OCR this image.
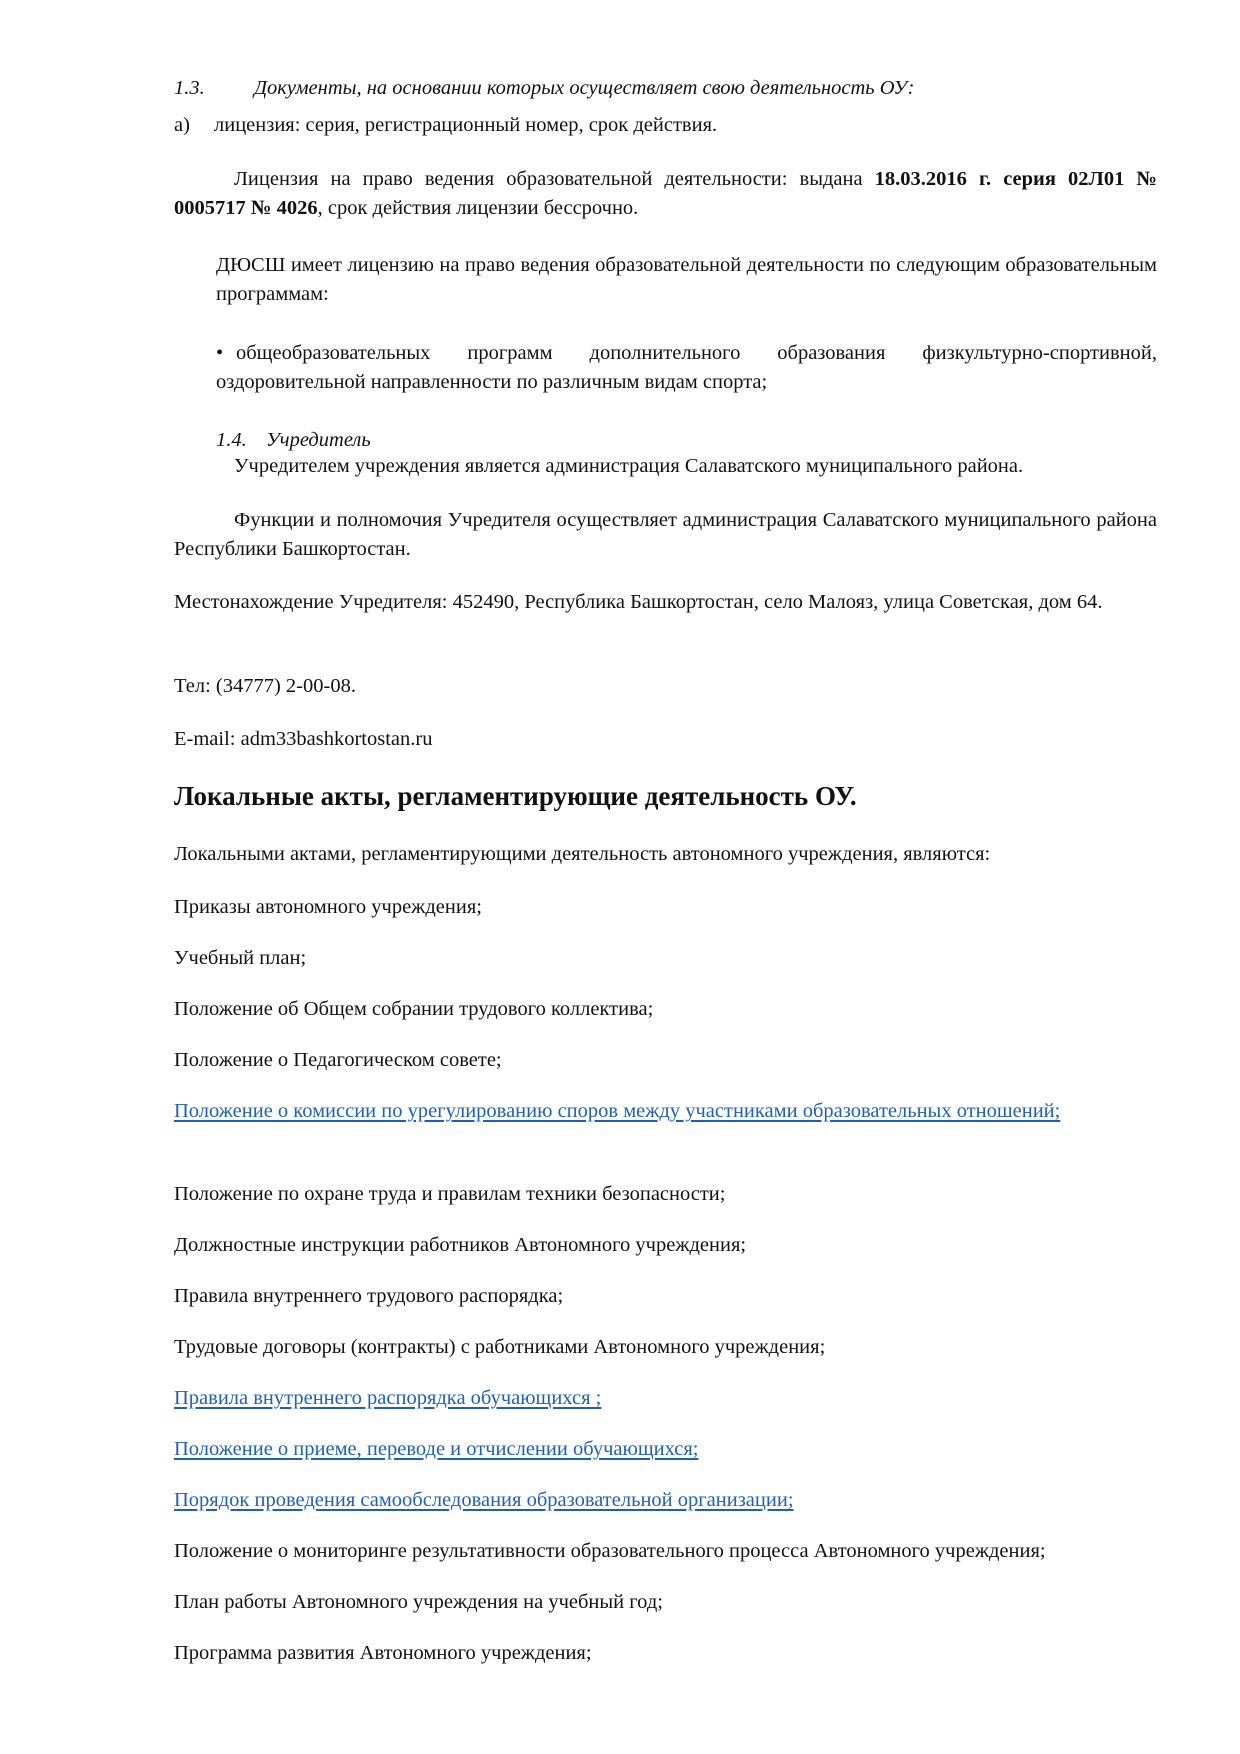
1.3. Документы, на основании которых осуществляет свою деятельность ОУ:

а) лицензия: серия, регистрационный номер, срок действия.

Лицензия на право ведения образовательной деятельности: выдана 18.03.2016 г. серия 02Л01 № 0005717 № 4026, срок действия лицензии бессрочно.

ДЮСШ имеет лицензию на право ведения образовательной деятельности по следующим образовательным программам:

• общеобразовательных программ дополнительного образования физкультурно-спортивной, оздоровительной направленности по различным видам спорта;

1.4. Учредитель

Учредителем учреждения является администрация Салаватского муниципального района.

Функции и полномочия Учредителя осуществляет администрация Салаватского муниципального района Республики Башкортостан.

Местонахождение Учредителя: 452490, Республика Башкортостан, село Малояз, улица Советская, дом 64.

Тел: (34777) 2-00-08.

E-mail: adm33bashkortostan.ru

Локальные акты, регламентирующие деятельность ОУ.

Локальными актами, регламентирующими деятельность автономного учреждения, являются:

Приказы автономного учреждения;

Учебный план;

Положение об Общем собрании трудового коллектива;

Положение о Педагогическом совете;

Положение о комиссии по урегулированию споров между участниками образовательных отношений;

Положение по охране труда и правилам техники безопасности;

Должностные инструкции работников Автономного учреждения;

Правила внутреннего трудового распорядка;

Трудовые договоры (контракты) с работниками Автономного учреждения;

Правила внутреннего распорядка обучающихся ;

Положение о приеме, переводе и отчислении обучающихся;

Порядок проведения самообследования образовательной организации;

Положение о мониторинге результативности образовательного процесса Автономного учреждения;

План работы Автономного учреждения на учебный год;

Программа развития Автономного учреждения;
